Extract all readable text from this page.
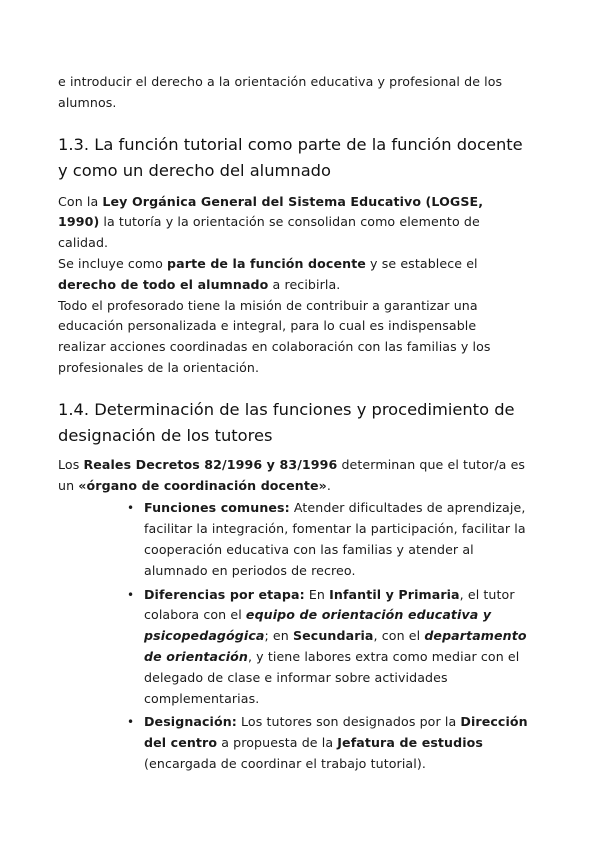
e introducir el derecho a la orientación educativa y profesional de los alumnos.

1.3. La función tutorial como parte de la función docente y como un derecho del alumnado

Con la Ley Orgánica General del Sistema Educativo (LOGSE, 1990) la tutoría y la orientación se consolidan como elemento de calidad.

Se incluye como parte de la función docente y se establece el derecho de todo el alumnado a recibirla.

Todo el profesorado tiene la misión de contribuir a garantizar una educación personalizada e integral, para lo cual es indispensable realizar acciones coordinadas en colaboración con las familias y los profesionales de la orientación.

1.4. Determinación de las funciones y procedimiento de designación de los tutores

Los Reales Decretos 82/1996 y 83/1996 determinan que el tutor/a es un «órgano de coordinación docente».

• Funciones comunes: Atender dificultades de aprendizaje, facilitar la integración, fomentar la participación, facilitar la cooperación educativa con las familias y atender al alumnado en periodos de recreo.
• Diferencias por etapa: En Infantil y Primaria, el tutor colabora con el equipo de orientación educativa y psicopedagógica; en Secundaria, con el departamento de orientación, y tiene labores extra como mediar con el delegado de clase e informar sobre actividades complementarias.
• Designación: Los tutores son designados por la Dirección del centro a propuesta de la Jefatura de estudios (encargada de coordinar el trabajo tutorial).
